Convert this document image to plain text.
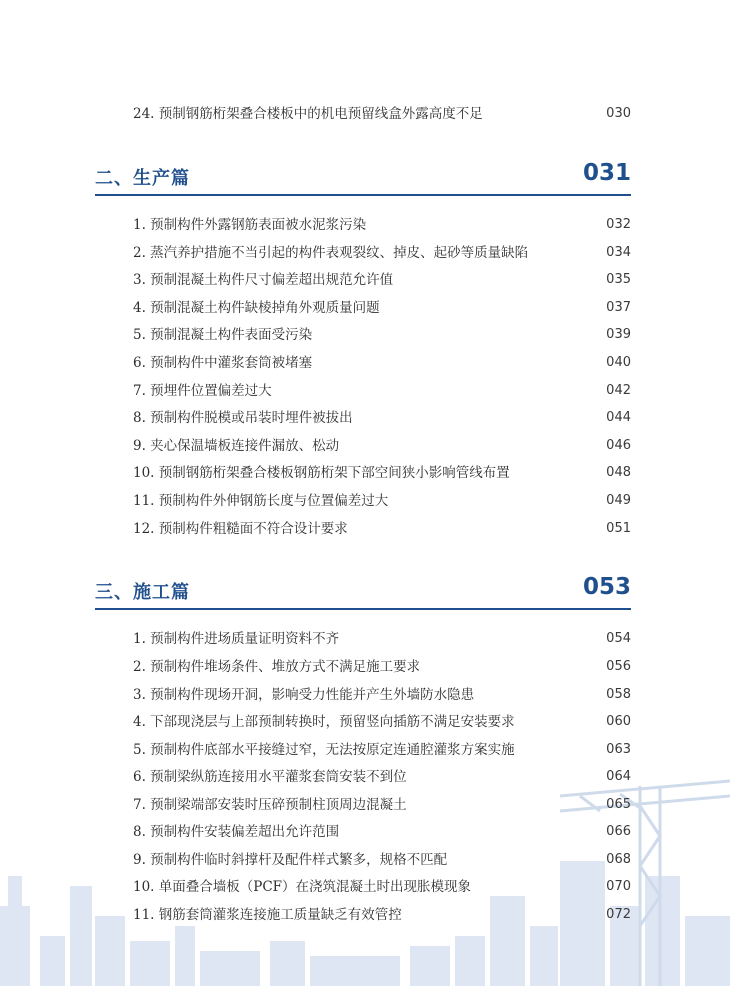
24. 预制钢筋桁架叠合楼板中的机电预留线盒外露高度不足	030
二、生产篇	031
1. 预制构件外露钢筋表面被水泥浆污染	032
2. 蒸汽养护措施不当引起的构件表观裂纹、掉皮、起砂等质量缺陷	034
3. 预制混凝土构件尺寸偏差超出规范允许值	035
4. 预制混凝土构件缺棱掉角外观质量问题	037
5. 预制混凝土构件表面受污染	039
6. 预制构件中灌浆套筒被堵塞	040
7. 预埋件位置偏差过大	042
8. 预制构件脱模或吊装时埋件被拔出	044
9. 夹心保温墙板连接件漏放、松动	046
10. 预制钢筋桁架叠合楼板钢筋桁架下部空间狭小影响管线布置	048
11. 预制构件外伸钢筋长度与位置偏差过大	049
12. 预制构件粗糙面不符合设计要求	051
三、施工篇	053
1. 预制构件进场质量证明资料不齐	054
2. 预制构件堆场条件、堆放方式不满足施工要求	056
3. 预制构件现场开洞，影响受力性能并产生外墙防水隐患	058
4. 下部现浇层与上部预制转换时，预留竖向插筋不满足安装要求	060
5. 预制构件底部水平接缝过窄，无法按原定连通腔灌浆方案实施	063
6. 预制梁纵筋连接用水平灌浆套筒安装不到位	064
7. 预制梁端部安装时压碎预制柱顶周边混凝土	065
8. 预制构件安装偏差超出允许范围	066
9. 预制构件临时斜撑杆及配件样式繁多，规格不匹配	068
10. 单面叠合墙板（PCF）在浇筑混凝土时出现胀模现象	070
11. 钢筋套筒灌浆连接施工质量缺乏有效管控	072
